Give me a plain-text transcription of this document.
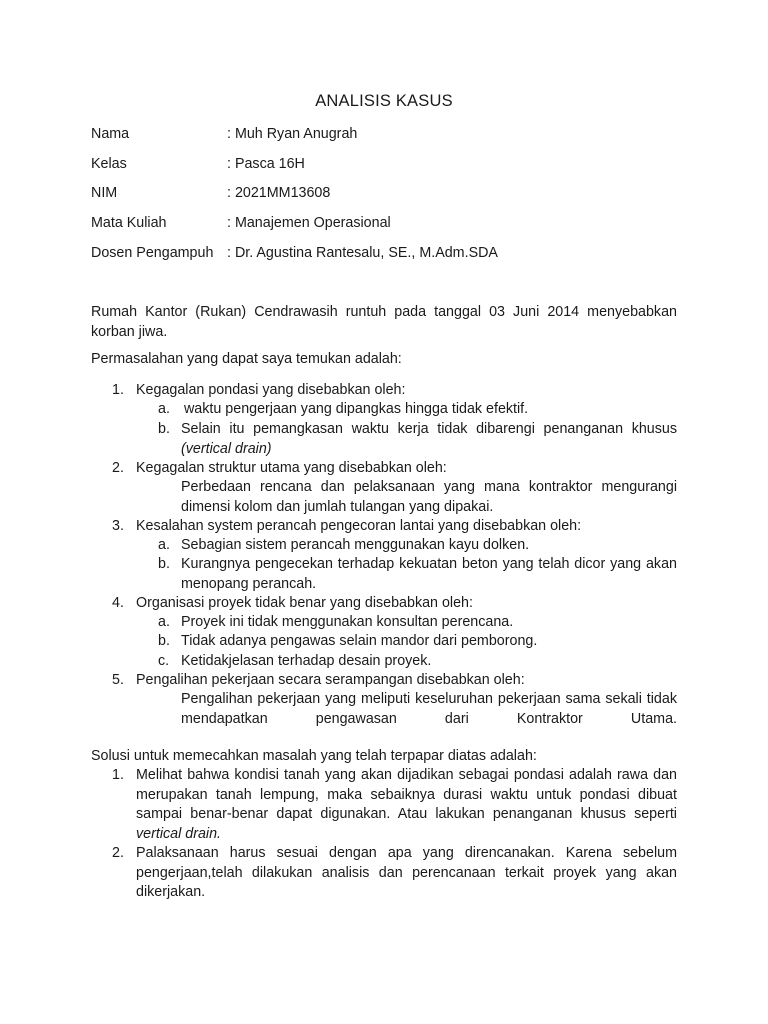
ANALISIS KASUS
Nama	: Muh Ryan Anugrah
Kelas	: Pasca 16H
NIM	: 2021MM13608
Mata Kuliah	: Manajemen Operasional
Dosen Pengampuh : Dr. Agustina Rantesalu, SE., M.Adm.SDA
Rumah Kantor (Rukan) Cendrawasih runtuh pada tanggal 03 Juni 2014 menyebabkan korban jiwa.
Permasalahan yang dapat saya temukan adalah:
1. Kegagalan pondasi yang disebabkan oleh:
a. waktu pengerjaan yang dipangkas hingga tidak efektif.
b. Selain itu pemangkasan waktu kerja tidak dibarengi penanganan khusus (vertical drain)
2. Kegagalan struktur utama yang disebabkan oleh:
Perbedaan rencana dan pelaksanaan yang mana kontraktor mengurangi dimensi kolom dan jumlah tulangan yang dipakai.
3. Kesalahan system perancah pengecoran lantai yang disebabkan oleh:
a. Sebagian sistem perancah menggunakan kayu dolken.
b. Kurangnya pengecekan terhadap kekuatan beton yang telah dicor yang akan menopang perancah.
4. Organisasi proyek tidak benar yang disebabkan oleh:
a. Proyek ini tidak menggunakan konsultan perencana.
b. Tidak adanya pengawas selain mandor dari pemborong.
c. Ketidakjelasan terhadap desain proyek.
5. Pengalihan pekerjaan secara serampangan disebabkan oleh:
Pengalihan pekerjaan yang meliputi keseluruhan pekerjaan sama sekali tidak mendapatkan pengawasan dari Kontraktor Utama.
Solusi untuk memecahkan masalah yang telah terpapar diatas adalah:
1. Melihat bahwa kondisi tanah yang akan dijadikan sebagai pondasi adalah rawa dan merupakan tanah lempung, maka sebaiknya durasi waktu untuk pondasi dibuat sampai benar-benar dapat digunakan. Atau lakukan penanganan khusus seperti vertical drain.
2. Palaksanaan harus sesuai dengan apa yang direncanakan. Karena sebelum pengerjaan,telah dilakukan analisis dan perencanaan terkait proyek yang akan dikerjakan.
